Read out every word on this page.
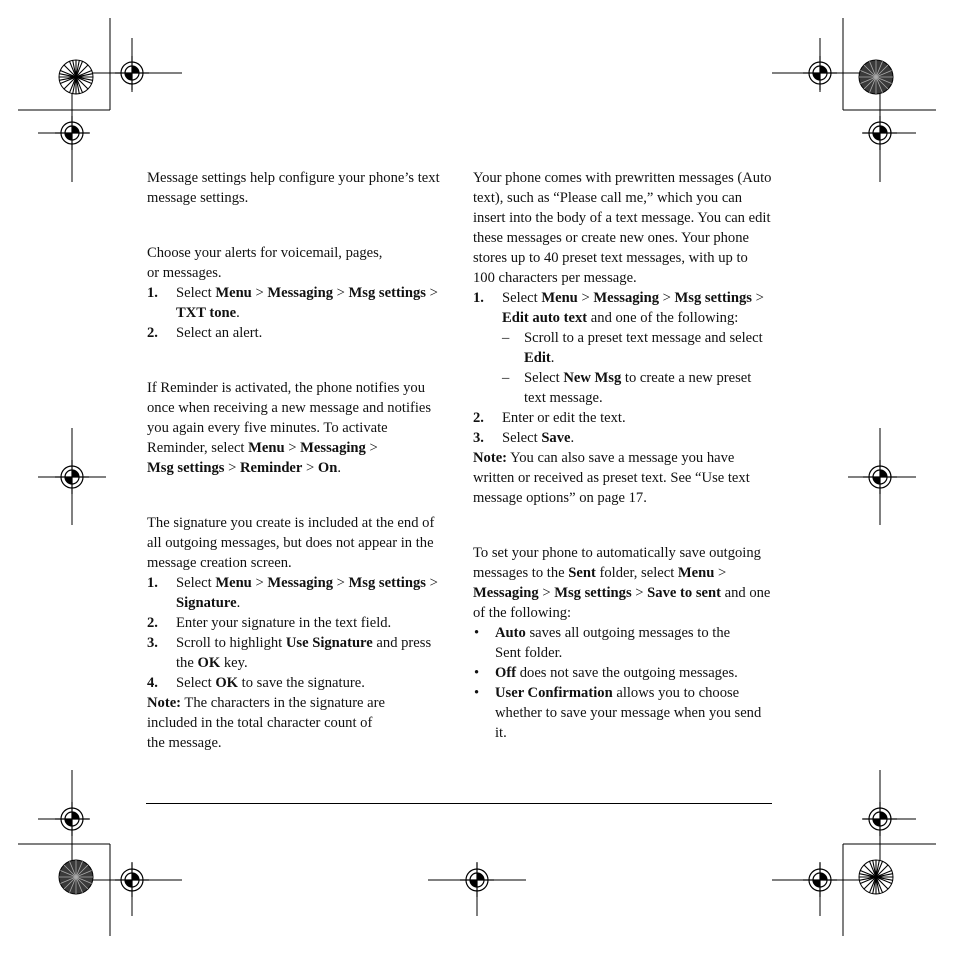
Message settings help configure your phone’s text message settings.

Choose your alerts for voicemail, pages,
or messages.

1. Select Menu > Messaging > Msg settings >
TXT tone.
2. Select an alert.

If Reminder is activated, the phone notifies you once when receiving a new message and notifies you again every five minutes. To activate Reminder, select Menu > Messaging >
Msg settings > Reminder > On.

The signature you create is included at the end of all outgoing messages, but does not appear in the message creation screen.

1. Select Menu > Messaging > Msg settings >
Signature.
2. Enter your signature in the text field.
3. Scroll to highlight Use Signature and press the OK key.
4. Select OK to save the signature.

Note: The characters in the signature are
included in the total character count of
the message.

Your phone comes with prewritten messages (Auto text), such as “Please call me,” which you can insert into the body of a text message. You can edit these messages or create new ones. Your phone stores up to 40 preset text messages, with up to 100 characters per message.

1. Select Menu > Messaging > Msg settings > Edit auto text and one of the following:
– Scroll to a preset text message and select Edit.
– Select New Msg to create a new preset text message.
2. Enter or edit the text.
3. Select Save.

Note: You can also save a message you have written or received as preset text. See “Use text message options” on page 17.

To set your phone to automatically save outgoing messages to the Sent folder, select Menu >
Messaging > Msg settings > Save to sent and one of the following:

• Auto saves all outgoing messages to the
Sent folder.
• Off does not save the outgoing messages.
• User Confirmation allows you to choose whether to save your message when you send it.
